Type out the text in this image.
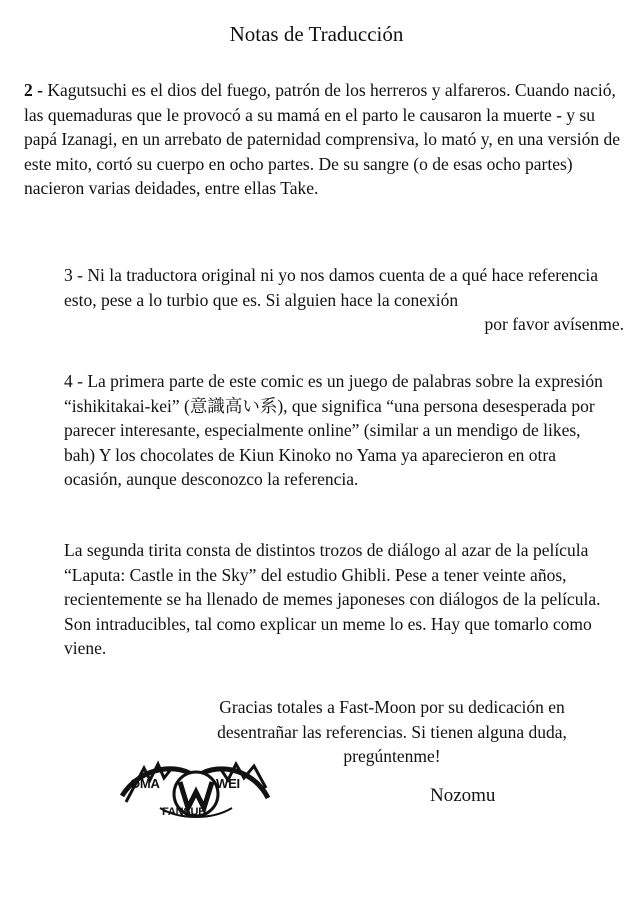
Notas de Traducción

2 - Kagutsuchi es el dios del fuego, patrón de los herreros y alfareros. Cuando nació, las quemaduras que le provocó a su mamá en el parto le causaron la muerte - y su papá Izanagi, en un arrebato de paternidad comprensiva, lo mató y, en una versión de este mito, cortó su cuerpo en ocho partes. De su sangre (o de esas ocho partes) nacieron varias deidades, entre ellas Take.

3 - Ni la traductora original ni yo nos damos cuenta de a qué hace referencia esto, pese a lo turbio que es. Si alguien hace la conexión
por favor avísenme.

4 - La primera parte de este comic es un juego de palabras sobre la expresión “ishikitakai-kei” (意識高い系), que significa “una persona desesperada por parecer interesante, especialmente online” (similar a un mendigo de likes, bah) Y los chocolates de Kiun Kinoko no Yama ya aparecieron en otra ocasión, aunque desconozco la referencia.

La segunda tirita consta de distintos trozos de diálogo al azar de la película “Laputa: Castle in the Sky” del estudio Ghibli. Pese a tener veinte años, recientemente se ha llenado de memes japoneses con diálogos de la película. Son intraducibles, tal como explicar un meme lo es. Hay que tomarlo como viene.

Gracias totales a Fast-Moon por su dedicación en desentrañar las referencias. Si tienen alguna duda, pregúntenme!
OMA	WEI
FANSUB
Nozomu
